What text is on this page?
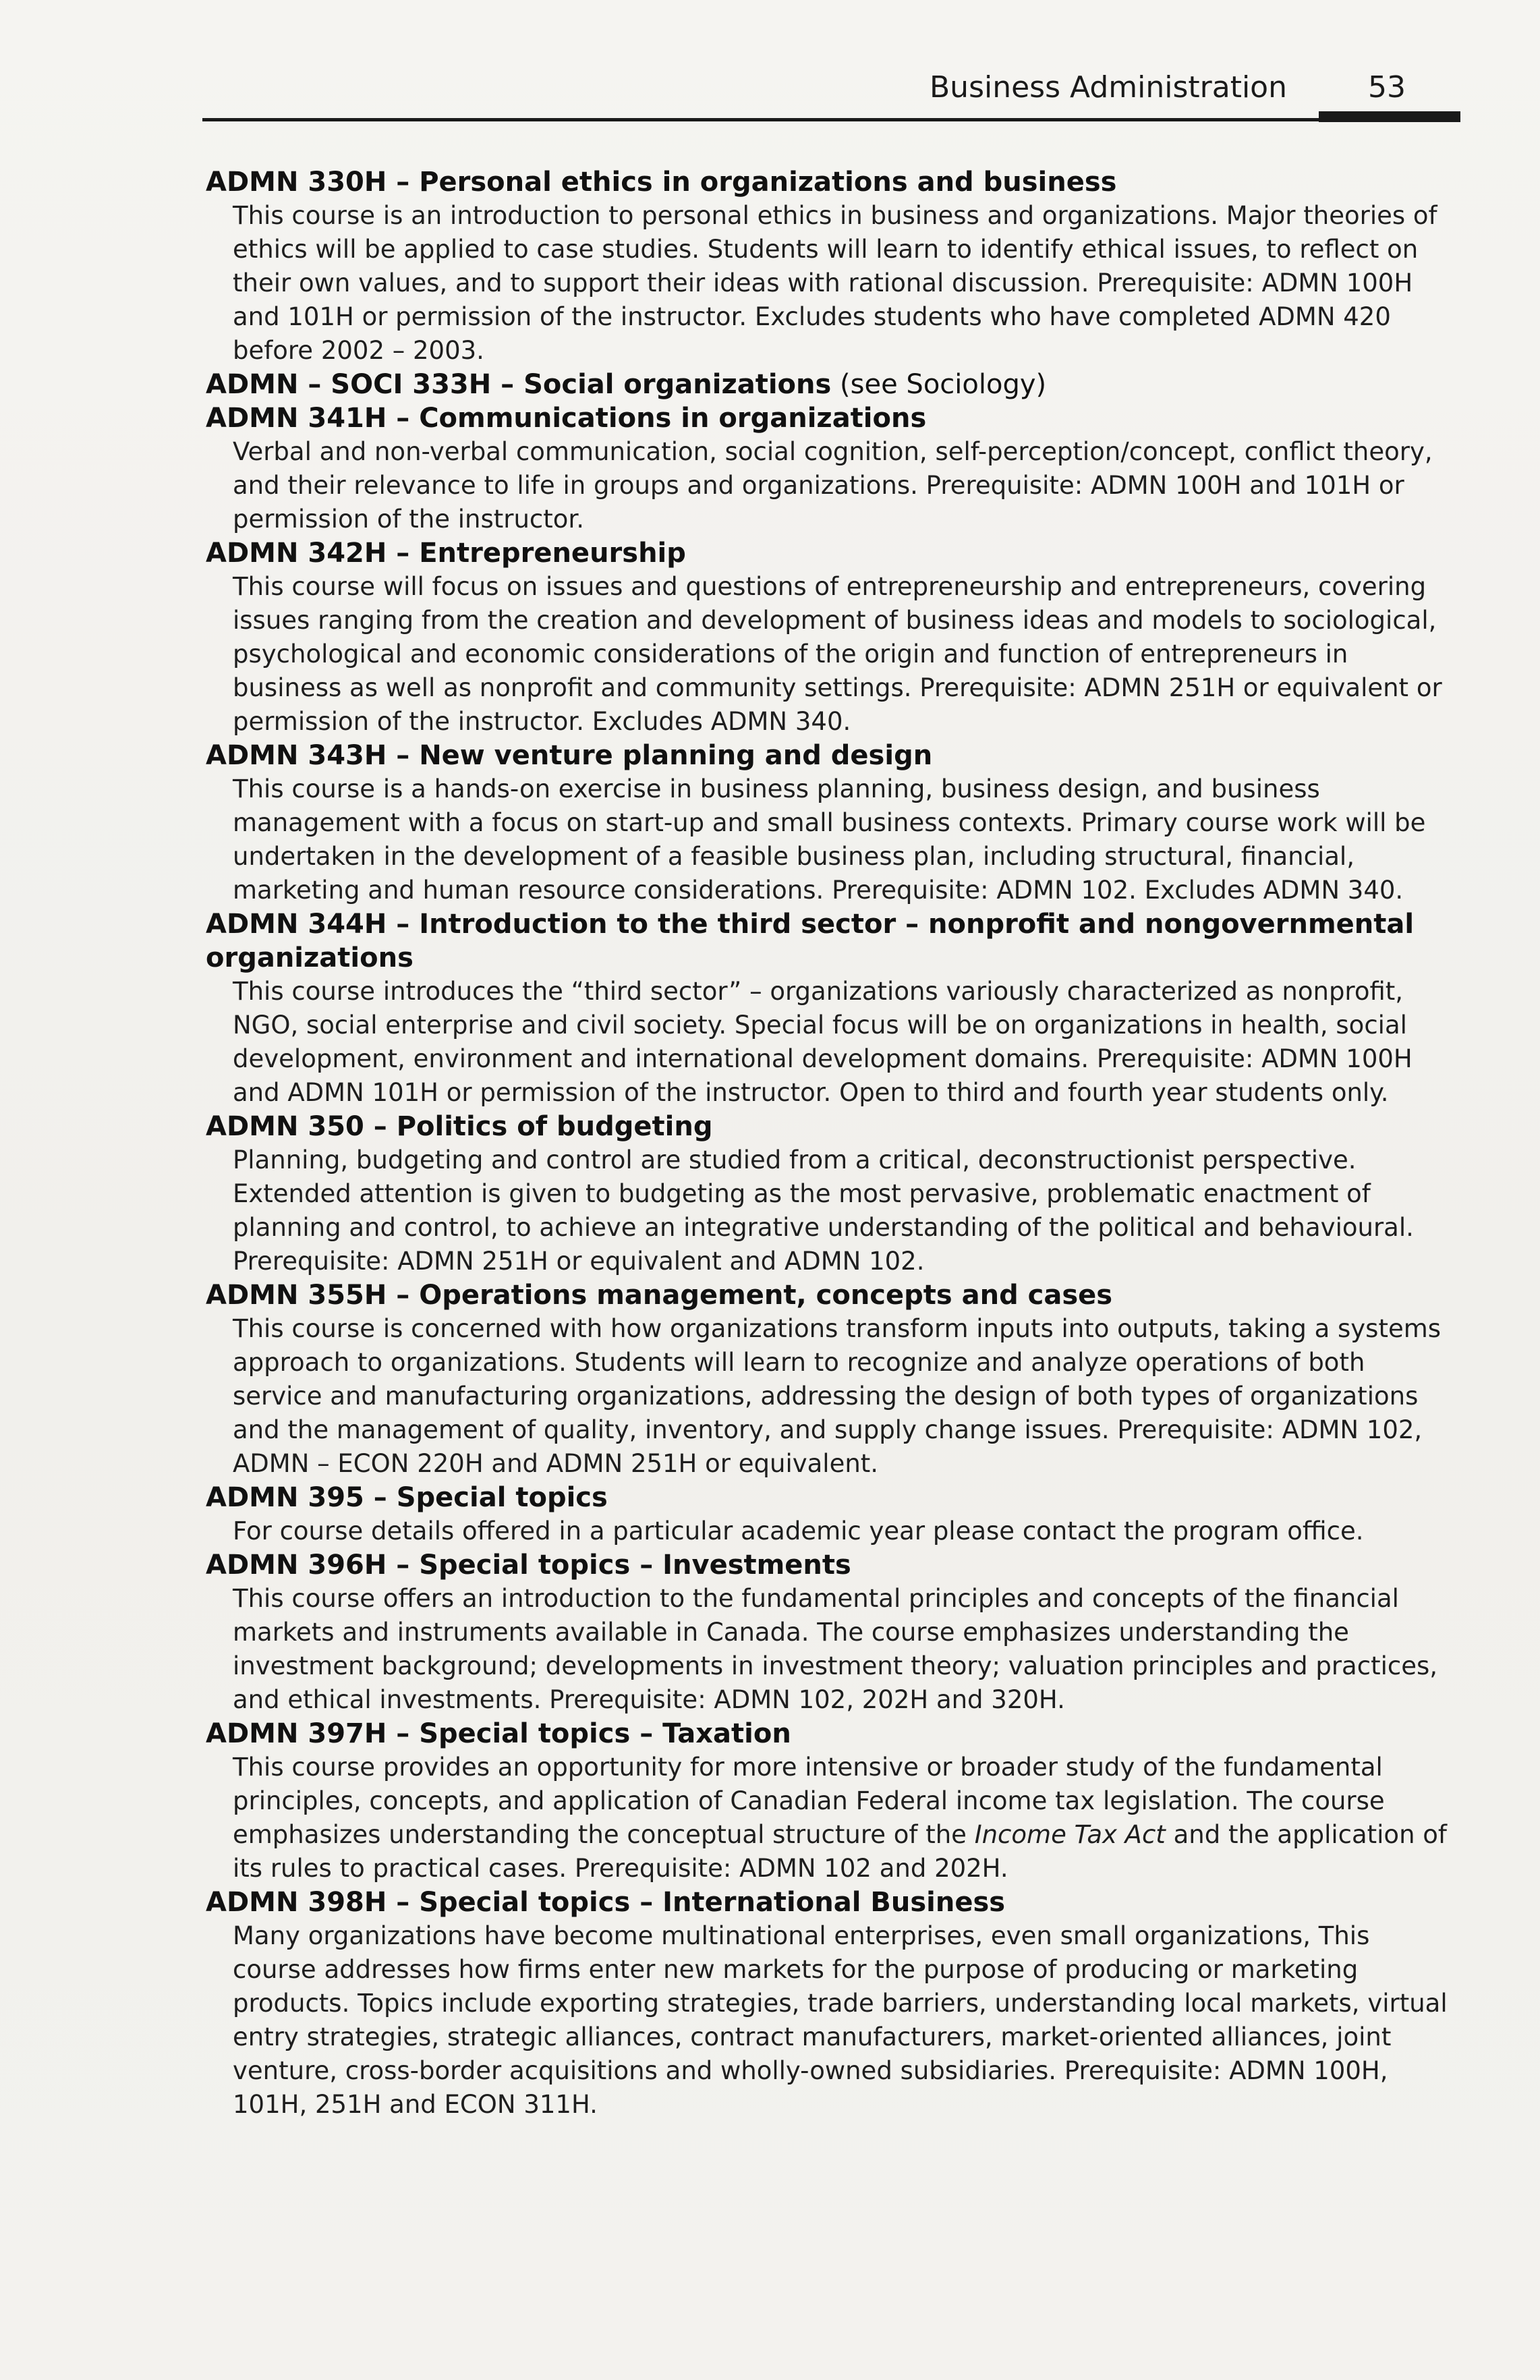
Business Administration	53

ADMN 330H – Personal ethics in organizations and business

This course is an introduction to personal ethics in business and organizations. Major theories of ethics will be applied to case studies. Students will learn to identify ethical issues, to reflect on their own values, and to support their ideas with rational discussion. Prerequisite: ADMN 100H and 101H or permission of the instructor. Excludes students who have completed ADMN 420 before 2002 – 2003.

ADMN – SOCI 333H – Social organizations (see Sociology)

ADMN 341H – Communications in organizations

Verbal and non-verbal communication, social cognition, self-perception/concept, conflict theory, and their relevance to life in groups and organizations. Prerequisite: ADMN 100H and 101H or permission of the instructor.

ADMN 342H – Entrepreneurship

This course will focus on issues and questions of entrepreneurship and entrepreneurs, covering issues ranging from the creation and development of business ideas and models to sociological, psychological and economic considerations of the origin and function of entrepreneurs in business as well as nonprofit and community settings. Prerequisite: ADMN 251H or equivalent or permission of the instructor. Excludes ADMN 340.

ADMN 343H – New venture planning and design

This course is a hands-on exercise in business planning, business design, and business management with a focus on start-up and small business contexts. Primary course work will be undertaken in the development of a feasible business plan, including structural, financial, marketing and human resource considerations. Prerequisite: ADMN 102. Excludes ADMN 340.

ADMN 344H – Introduction to the third sector – nonprofit and nongovernmental organizations

This course introduces the “third sector” – organizations variously characterized as nonprofit, NGO, social enterprise and civil society. Special focus will be on organizations in health, social development, environment and international development domains. Prerequisite: ADMN 100H and ADMN 101H or permission of the instructor. Open to third and fourth year students only.

ADMN 350 – Politics of budgeting

Planning, budgeting and control are studied from a critical, deconstructionist perspective. Extended attention is given to budgeting as the most pervasive, problematic enactment of planning and control, to achieve an integrative understanding of the political and behavioural. Prerequisite: ADMN 251H or equivalent and ADMN 102.

ADMN 355H – Operations management, concepts and cases

This course is concerned with how organizations transform inputs into outputs, taking a systems approach to organizations. Students will learn to recognize and analyze operations of both service and manufacturing organizations, addressing the design of both types of organizations and the management of quality, inventory, and supply change issues. Prerequisite: ADMN 102, ADMN – ECON 220H and ADMN 251H or equivalent.

ADMN 395 – Special topics

For course details offered in a particular academic year please contact the program office.

ADMN 396H – Special topics – Investments

This course offers an introduction to the fundamental principles and concepts of the financial markets and instruments available in Canada. The course emphasizes understanding the investment background; developments in investment theory; valuation principles and practices, and ethical investments. Prerequisite: ADMN 102, 202H and 320H.

ADMN 397H – Special topics – Taxation

This course provides an opportunity for more intensive or broader study of the fundamental principles, concepts, and application of Canadian Federal income tax legislation. The course emphasizes understanding the conceptual structure of the Income Tax Act and the application of its rules to practical cases. Prerequisite: ADMN 102 and 202H.

ADMN 398H – Special topics – International Business

Many organizations have become multinational enterprises, even small organizations, This course addresses how firms enter new markets for the purpose of producing or marketing products. Topics include exporting strategies, trade barriers, understanding local markets, virtual entry strategies, strategic alliances, contract manufacturers, market-oriented alliances, joint venture, cross-border acquisitions and wholly-owned subsidiaries. Prerequisite: ADMN 100H, 101H, 251H and ECON 311H.
